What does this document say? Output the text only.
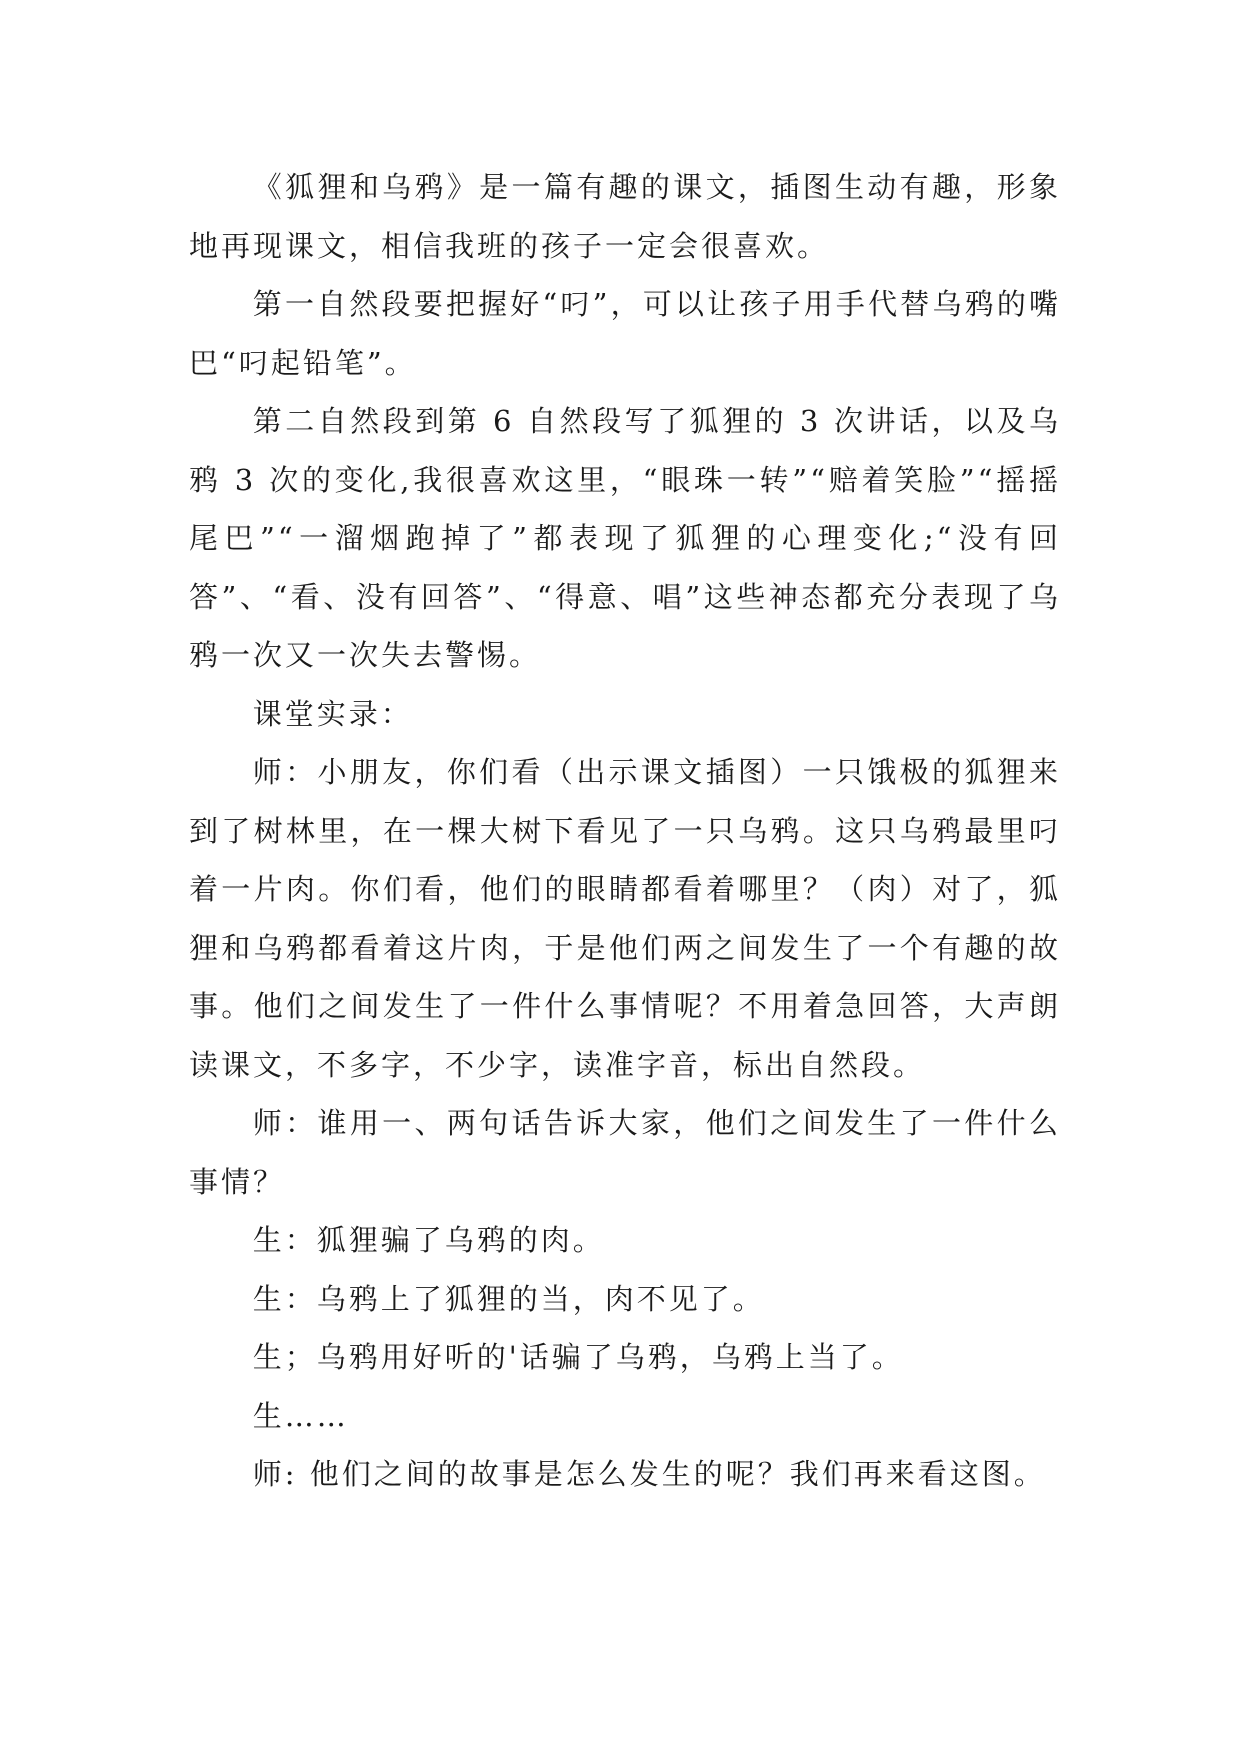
《狐狸和乌鸦》是一篇有趣的课文，插图生动有趣，形象地再现课文，相信我班的孩子一定会很喜欢。

第一自然段要把握好“叼”，可以让孩子用手代替乌鸦的嘴巴“叼起铅笔”。

第二自然段到第 6 自然段写了狐狸的 3 次讲话，以及乌鸦 3 次的变化,我很喜欢这里，“眼珠一转”“赔着笑脸”“摇摇尾巴”“一溜烟跑掉了”都表现了狐狸的心理变化;“没有回答”、“看、没有回答”、“得意、唱”这些神态都充分表现了乌鸦一次又一次失去警惕。

课堂实录：

师：小朋友，你们看（出示课文插图）一只饿极的狐狸来到了树林里，在一棵大树下看见了一只乌鸦。这只乌鸦最里叼着一片肉。你们看，他们的眼睛都看着哪里？（肉）对了，狐狸和乌鸦都看着这片肉，于是他们两之间发生了一个有趣的故事。他们之间发生了一件什么事情呢？不用着急回答，大声朗读课文，不多字，不少字，读准字音，标出自然段。

师：谁用一、两句话告诉大家，他们之间发生了一件什么事情？

生：狐狸骗了乌鸦的肉。

生：乌鸦上了狐狸的当，肉不见了。

生；乌鸦用好听的'话骗了乌鸦，乌鸦上当了。

生……

师: 他们之间的故事是怎么发生的呢？我们再来看这图。
